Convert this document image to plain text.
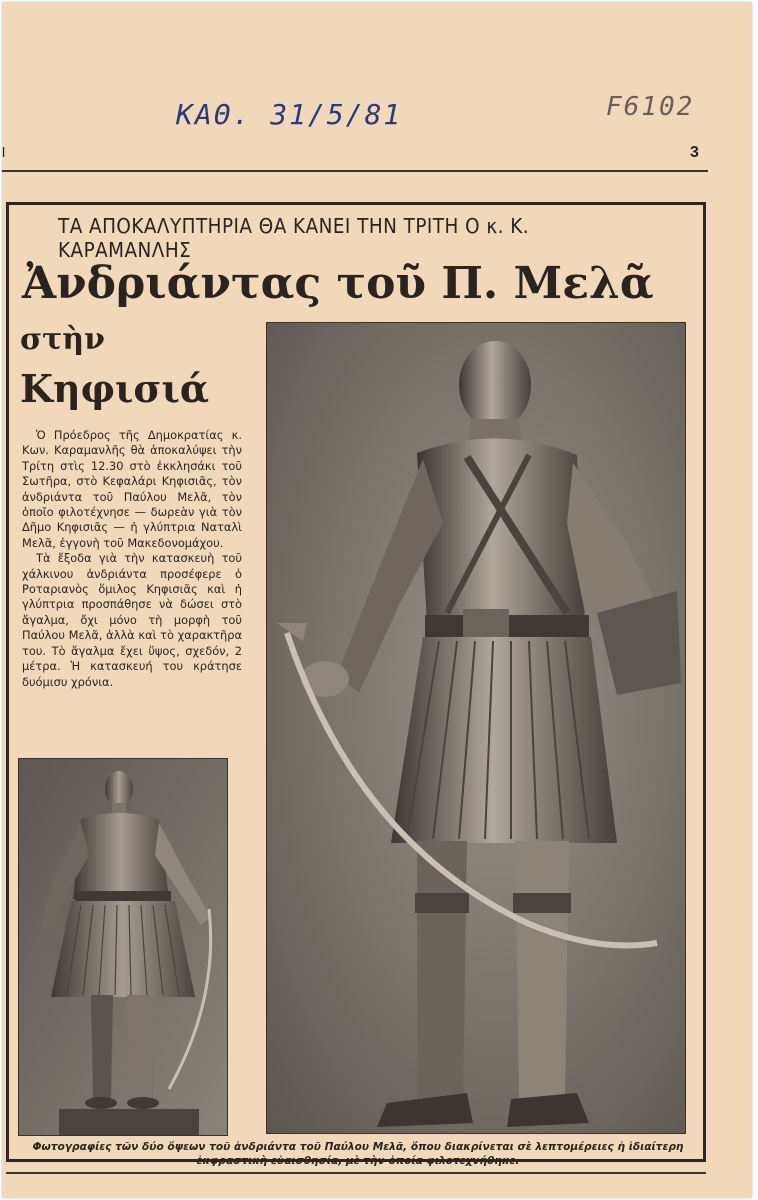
ΚΑΘ. 31/5/81	F6102
l	3
ΤΑ ΑΠΟΚΑΛΥΠΤΗΡΙΑ ΘΑ ΚΑΝΕΙ ΤΗΝ ΤΡΙΤΗ Ο κ. Κ. ΚΑΡΑΜΑΝΛΗΣ
Ἀνδριάντας τοῦ Π. Μελᾶ
στὴν
Κηφισιά

Ὁ Πρόεδρος τῆς Δημοκρατίας κ. Κων. Καραμανλῆς θὰ ἀποκαλύψει τὴν Τρίτη στὶς 12.30 στὸ ἐκκλησάκι τοῦ Σωτῆρα, στὸ Κεφαλάρι Κηφισιᾶς, τὸν ἀνδριάντα τοῦ Παύλου Μελᾶ, τὸν ὁποῖο φιλοτέχνησε — δωρεὰν γιὰ τὸν Δῆμο Κηφισιᾶς — ἡ γλύπτρια Ναταλὶ Μελᾶ, ἐγγονὴ τοῦ Μακεδονομάχου.

Τὰ ἔξοδα γιὰ τὴν κατασκευὴ τοῦ χάλκινου ἀνδριάντα προσέφερε ὁ Ροταριανὸς ὅμιλος Κηφισιᾶς καὶ ἡ γλύπτρια προσπάθησε νὰ δώσει στὸ ἄγαλμα, ὄχι μόνο τὴ μορφὴ τοῦ Παύλου Μελᾶ, ἀλλὰ καὶ τὸ χαρακτῆρα του. Τὸ ἄγαλμα ἔχει ὕψος, σχεδόν, 2 μέτρα. Ἡ κατασκευή του κράτησε δυόμισυ χρόνια.

Φωτογραφίες τῶν δύο ὄψεων τοῦ ἀνδριάντα τοῦ Παύλου Μελᾶ, ὅπου διακρίνεται σὲ λεπτομέρειες ἡ ἰδιαίτερη ἐκφραστικὴ εὐαισθησία, μὲ τὴν ὁποία φιλοτεχνήθηκε.
